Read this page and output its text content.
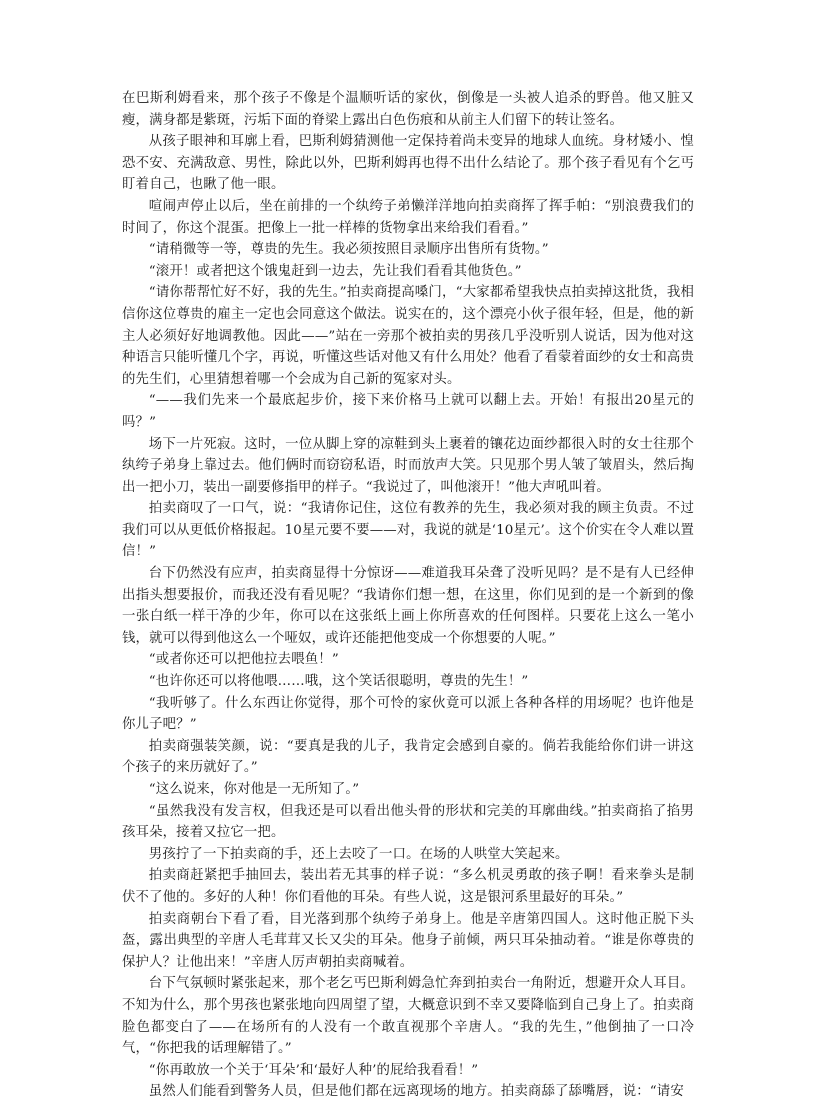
在巴斯利姆看来，那个孩子不像是个温顺听话的家伙，倒像是一头被人追杀的野兽。他又脏又瘦，满身都是紫斑，污垢下面的脊梁上露出白色伤痕和从前主人们留下的转让签名。

从孩子眼神和耳廓上看，巴斯利姆猜测他一定保持着尚未变异的地球人血统。身材矮小、惶恐不安、充满敌意、男性，除此以外，巴斯利姆再也得不出什么结论了。那个孩子看见有个乞丐盯着自己，也瞅了他一眼。

喧闹声停止以后，坐在前排的一个纨绔子弟懒洋洋地向拍卖商挥了挥手帕：“别浪费我们的时间了，你这个混蛋。把像上一批一样棒的货物拿出来给我们看看。”

“请稍微等一等，尊贵的先生。我必须按照目录顺序出售所有货物。”

“滚开！或者把这个饿鬼赶到一边去，先让我们看看其他货色。”

“请你帮帮忙好不好，我的先生。”拍卖商提高嗓门，“大家都希望我快点拍卖掉这批货，我相信你这位尊贵的雇主一定也会同意这个做法。说实在的，这个漂亮小伙子很年轻，但是，他的新主人必须好好地调教他。因此——”站在一旁那个被拍卖的男孩几乎没听别人说话，因为他对这种语言只能听懂几个字，再说，听懂这些话对他又有什么用处？他看了看蒙着面纱的女士和高贵的先生们，心里猜想着哪一个会成为自己新的冤家对头。

“——我们先来一个最底起步价，接下来价格马上就可以翻上去。开始！有报出20星元的吗？”

场下一片死寂。这时，一位从脚上穿的凉鞋到头上裹着的镶花边面纱都很入时的女士往那个纨绔子弟身上靠过去。他们俩时而窃窃私语，时而放声大笑。只见那个男人皱了皱眉头，然后掏出一把小刀，装出一副要修指甲的样子。“我说过了，叫他滚开！”他大声吼叫着。

拍卖商叹了一口气，说：“我请你记住，这位有教养的先生，我必须对我的顾主负责。不过我们可以从更低价格报起。10星元要不要——对，我说的就是‘10星元’。这个价实在令人难以置信！”

台下仍然没有应声，拍卖商显得十分惊讶——难道我耳朵聋了没听见吗？是不是有人已经伸出指头想要报价，而我还没有看见呢？“我请你们想一想，在这里，你们见到的是一个新到的像一张白纸一样干净的少年，你可以在这张纸上画上你所喜欢的任何图样。只要花上这么一笔小钱，就可以得到他这么一个哑奴，或许还能把他变成一个你想要的人呢。”

“或者你还可以把他拉去喂鱼！”

“也许你还可以将他喂……哦，这个笑话很聪明，尊贵的先生！”

“我听够了。什么东西让你觉得，那个可怜的家伙竟可以派上各种各样的用场呢？也许他是你儿子吧？”

拍卖商强装笑颜，说：“要真是我的儿子，我肯定会感到自豪的。倘若我能给你们讲一讲这个孩子的来历就好了。”

“这么说来，你对他是一无所知了。”

“虽然我没有发言权，但我还是可以看出他头骨的形状和完美的耳廓曲线。”拍卖商掐了掐男孩耳朵，接着又拉它一把。

男孩拧了一下拍卖商的手，还上去咬了一口。在场的人哄堂大笑起来。

拍卖商赶紧把手抽回去，装出若无其事的样子说：“多么机灵勇敢的孩子啊！看来拳头是制伏不了他的。多好的人种！你们看他的耳朵。有些人说，这是银河系里最好的耳朵。”

拍卖商朝台下看了看，目光落到那个纨绔子弟身上。他是辛唐第四国人。这时他正脱下头盔，露出典型的辛唐人毛茸茸又长又尖的耳朵。他身子前倾，两只耳朵抽动着。“谁是你尊贵的保护人？让他出来！”辛唐人厉声朝拍卖商喊着。

台下气氛顿时紧张起来，那个老乞丐巴斯利姆急忙奔到拍卖台一角附近，想避开众人耳目。不知为什么，那个男孩也紧张地向四周望了望，大概意识到不幸又要降临到自己身上了。拍卖商脸色都变白了——在场所有的人没有一个敢直视那个辛唐人。“我的先生，”他倒抽了一口冷气，“你把我的话理解错了。”

“你再敢放一个关于‘耳朵’和‘最好人种’的屁给我看看！”

虽然人们能看到警务人员，但是他们都在远离现场的地方。拍卖商舔了舔嘴唇，说：“请安
